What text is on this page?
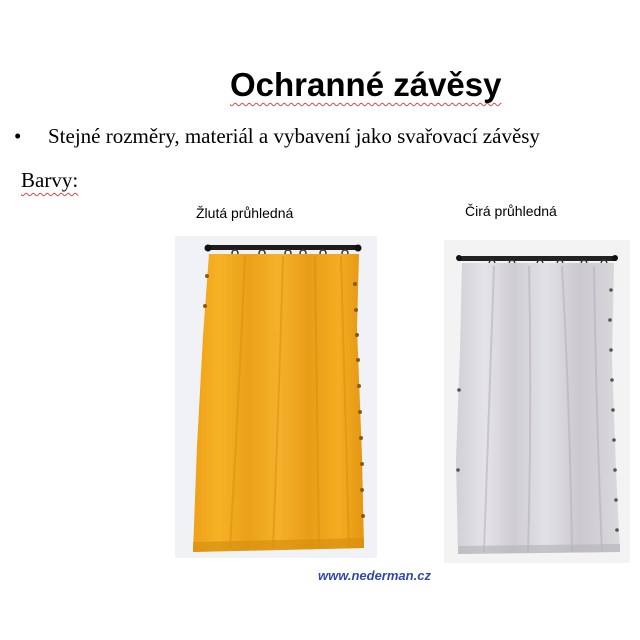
Ochranné závěsy
• Stejné rozměry, materiál a vybavení jako svařovací závěsy
Barvy:
Žlutá průhledná	Čirá průhledná
www.nederman.cz
